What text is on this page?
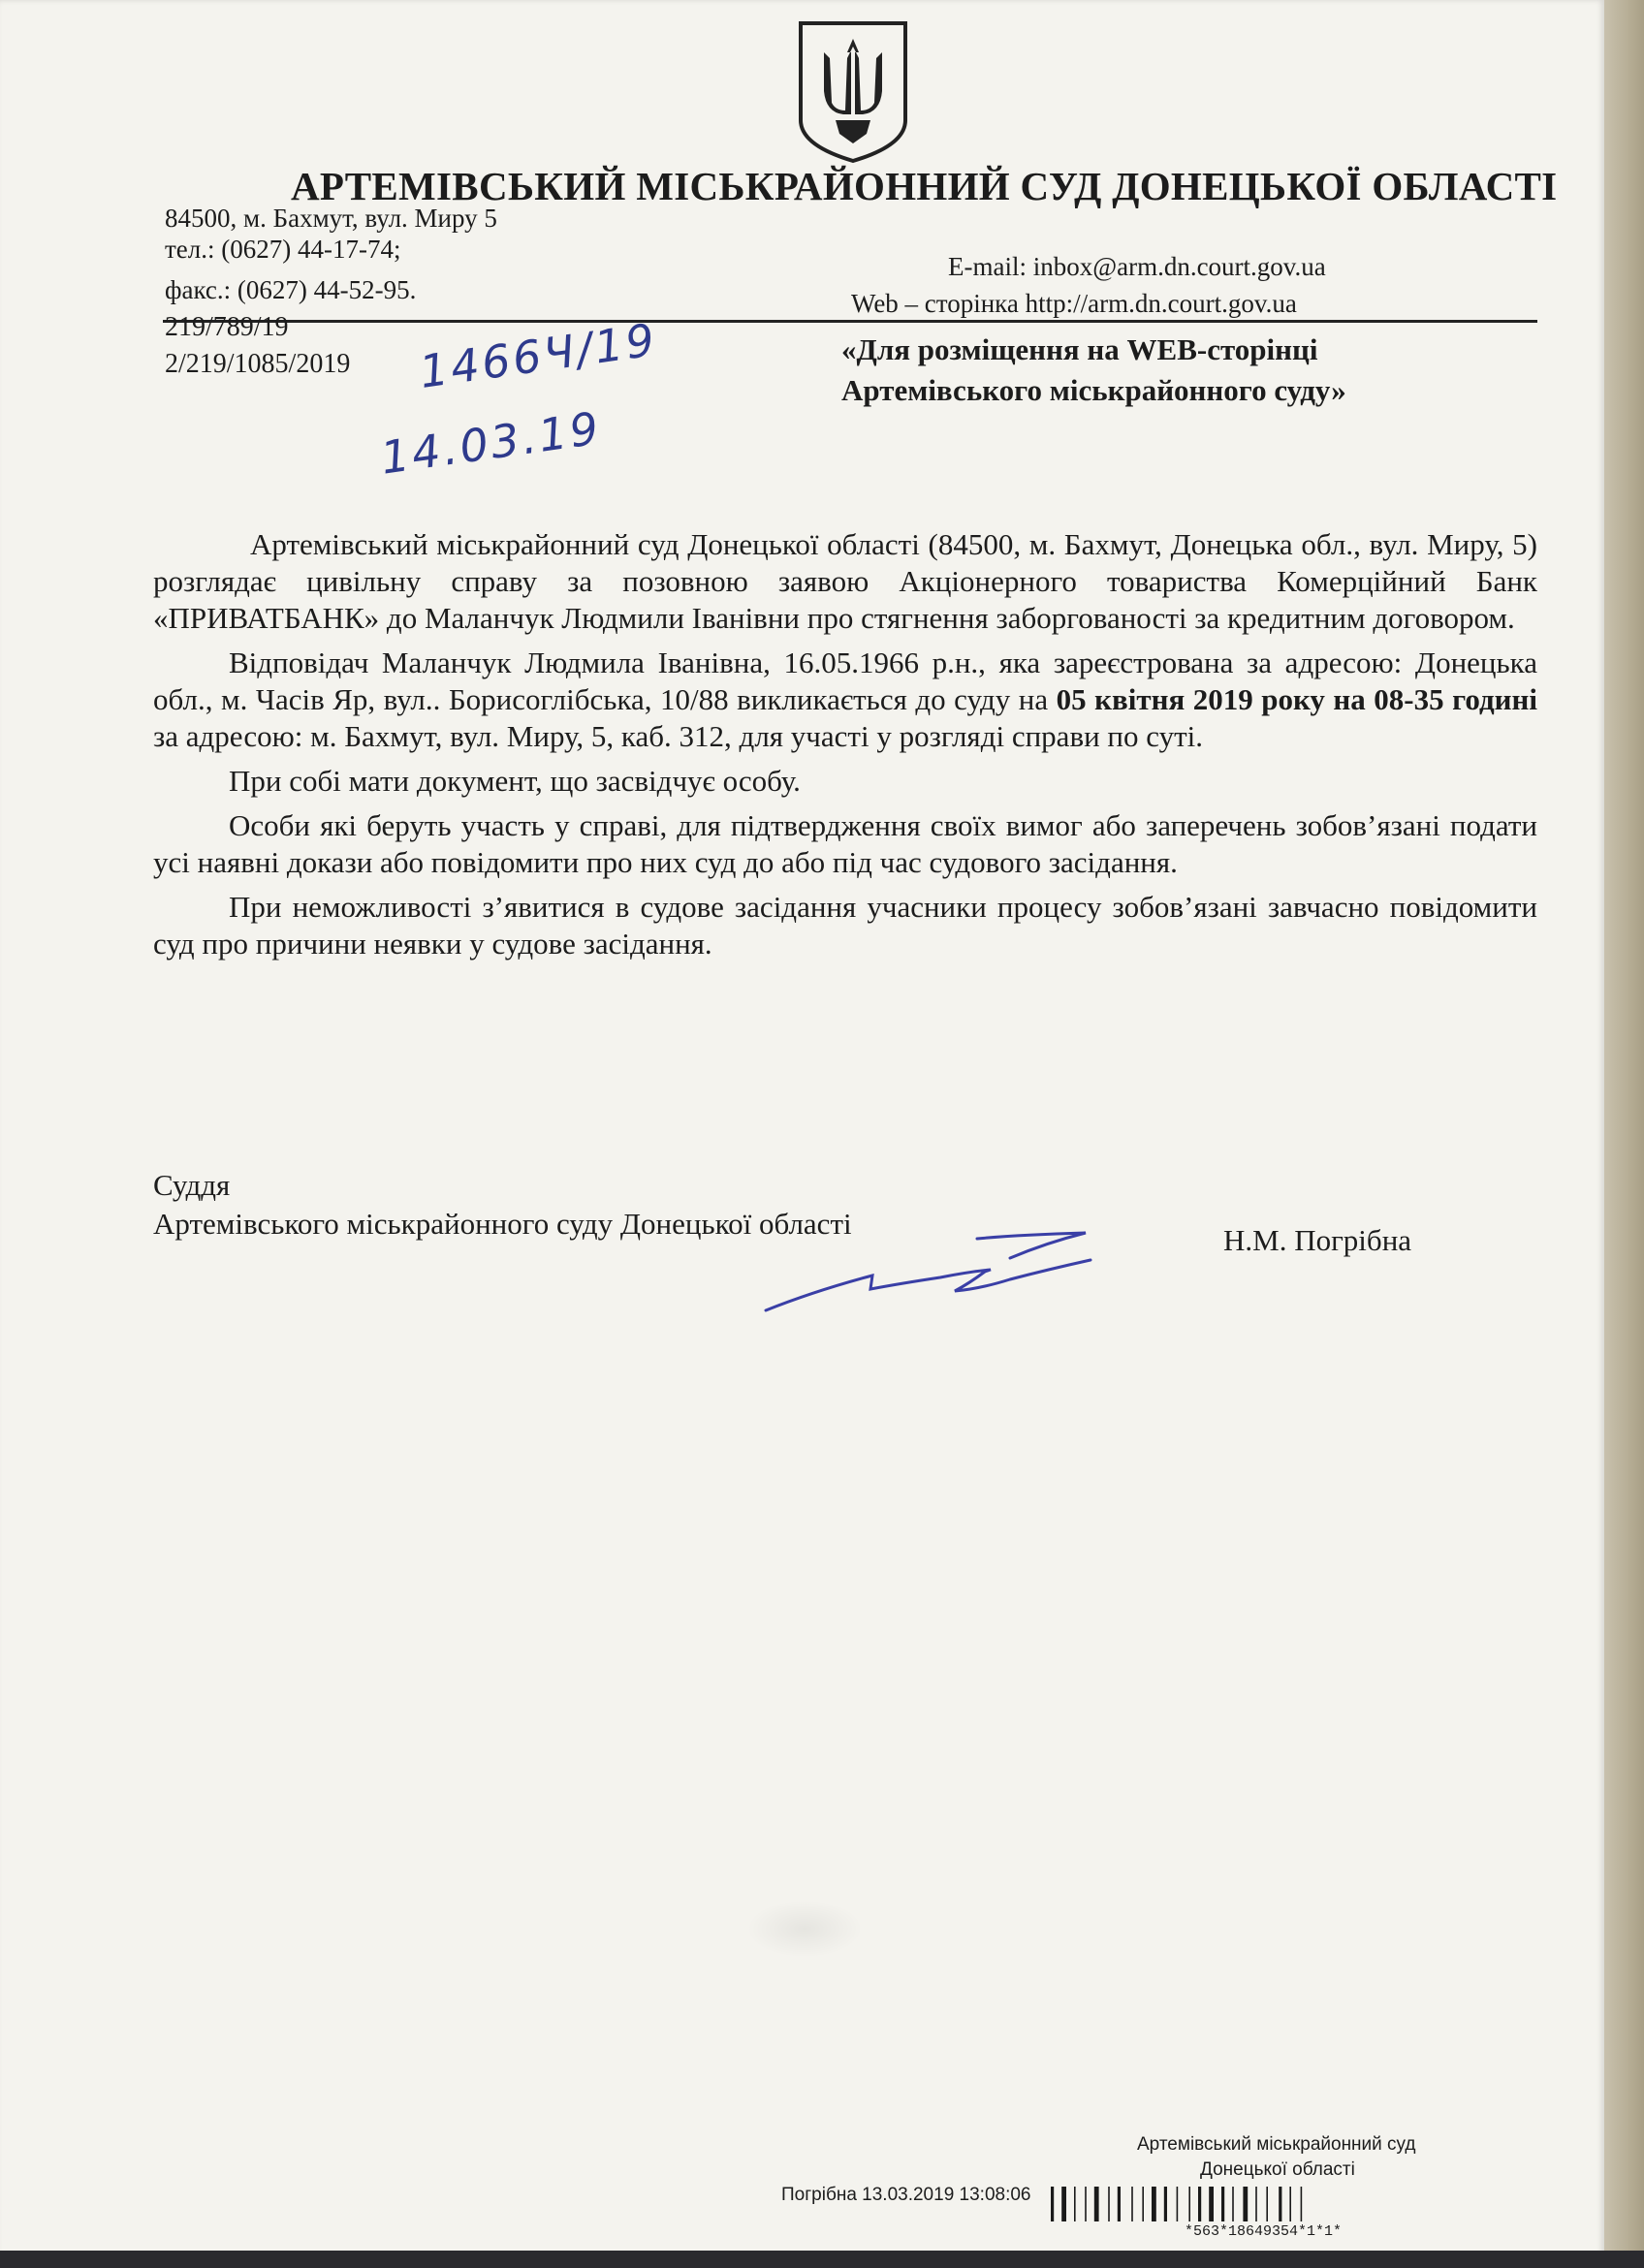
АРТЕМІВСЬКИЙ МІСЬКРАЙОННИЙ СУД ДОНЕЦЬКОЇ ОБЛАСТІ
84500, м. Бахмут, вул. Миру 5
тел.: (0627) 44-17-74;
факс.: (0627) 44-52-95.
E-mail: inbox@arm.dn.court.gov.ua
Web – сторінка http://arm.dn.court.gov.ua
219/789/19
2/219/1085/2019 1466Ч/19
14.03.19
«Для розміщення на WEB-сторінці
Артемівського міськрайонного суду»

Артемівський міськрайонний суд Донецької області (84500, м. Бахмут, Донецька обл., вул. Миру, 5) розглядає цивільну справу за позовною заявою Акціонерного товариства Комерційний Банк «ПРИВАТБАНК» до Маланчук Людмили Іванівни про стягнення заборгованості за кредитним договором.

Відповідач Маланчук Людмила Іванівна, 16.05.1966 р.н., яка зареєстрована за адресою: Донецька обл., м. Часів Яр, вул.. Борисоглібська, 10/88 викликається до суду на 05 квітня 2019 року на 08-35 годині за адресою: м. Бахмут, вул. Миру, 5, каб. 312, для участі у розгляді справи по суті.

При собі мати документ, що засвідчує особу.

Особи які беруть участь у справі, для підтвердження своїх вимог або заперечень зобов’язані подати усі наявні докази або повідомити про них суд до або під час судового засідання.

При неможливості з’явитися в судове засідання учасники процесу зобов’язані завчасно повідомити суд про причини неявки у судове засідання.

Суддя
Артемівського міськрайонного суду Донецької області	Н.М. Погрібна
Артемівський міськрайонний суд
Донецької області
Погрібна 13.03.2019 13:08:06
*563*18649354*1*1*
